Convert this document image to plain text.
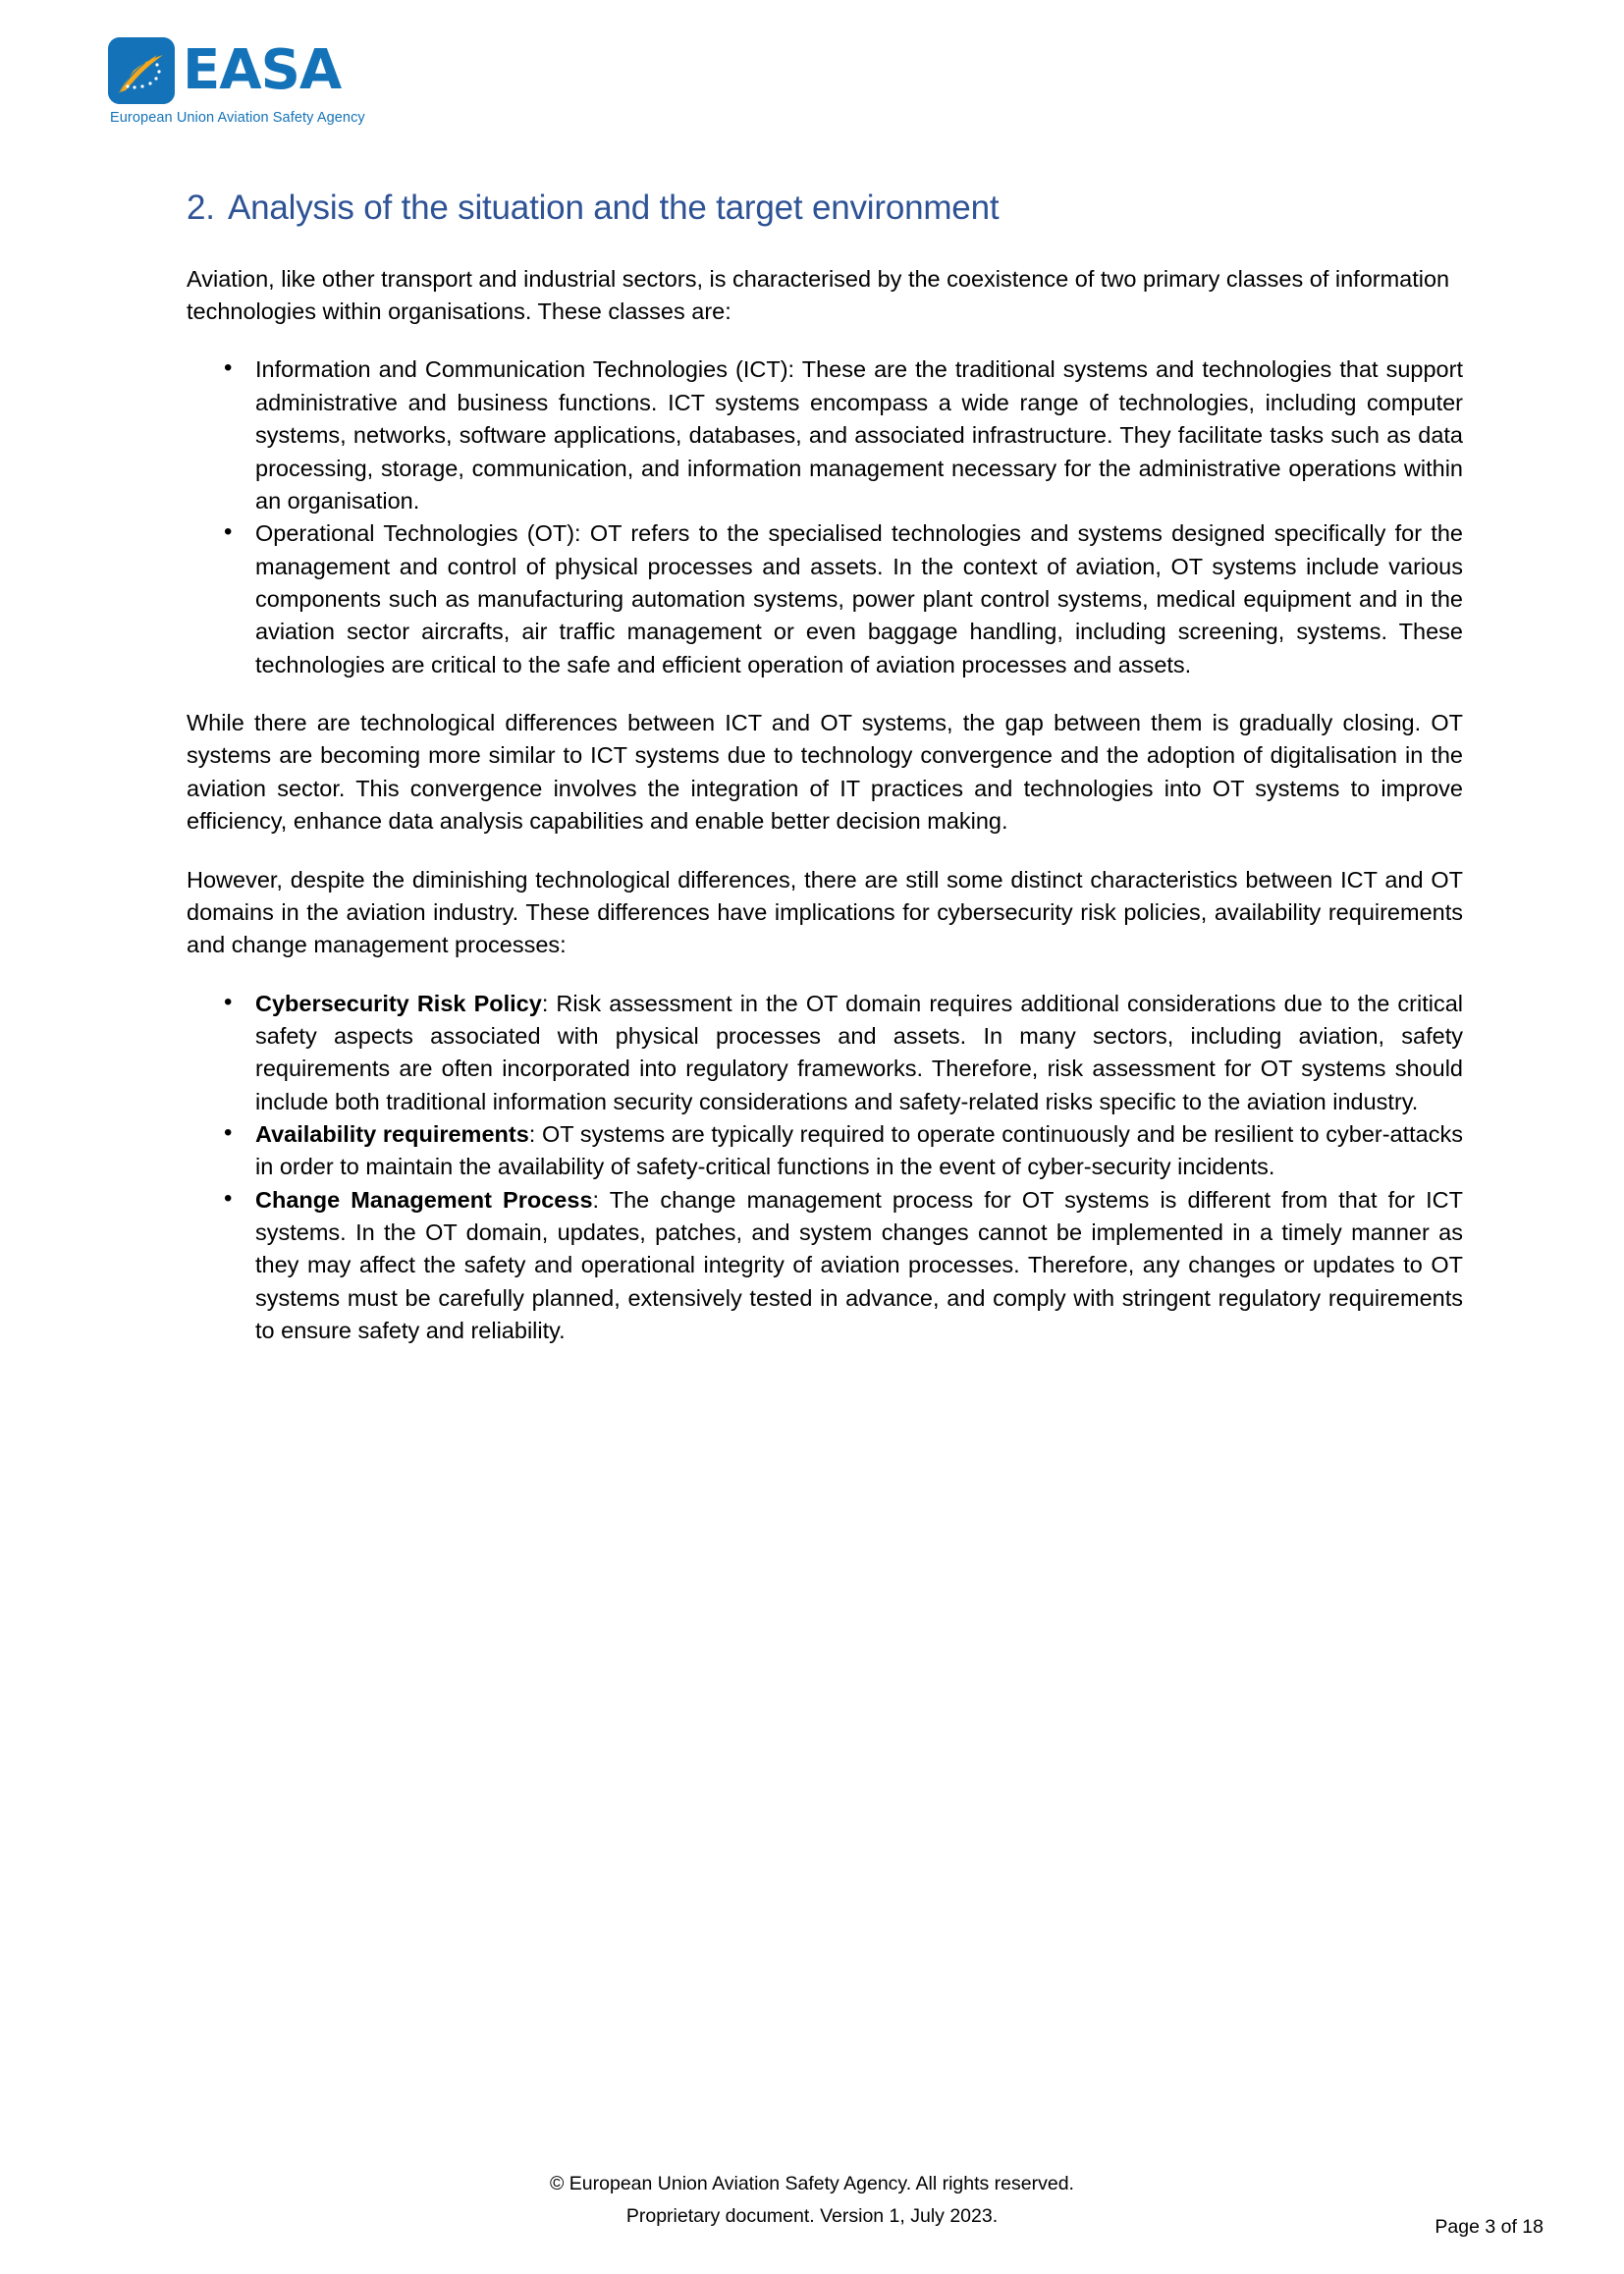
EASA
European Union Aviation Safety Agency
2. Analysis of the situation and the target environment

Aviation, like other transport and industrial sectors, is characterised by the coexistence of two primary classes of information technologies within organisations. These classes are:

• Information and Communication Technologies (ICT): These are the traditional systems and technologies that support administrative and business functions. ICT systems encompass a wide range of technologies, including computer systems, networks, software applications, databases, and associated infrastructure. They facilitate tasks such as data processing, storage, communication, and information management necessary for the administrative operations within an organisation.
• Operational Technologies (OT): OT refers to the specialised technologies and systems designed specifically for the management and control of physical processes and assets. In the context of aviation, OT systems include various components such as manufacturing automation systems, power plant control systems, medical equipment and in the aviation sector aircrafts, air traffic management or even baggage handling, including screening, systems. These technologies are critical to the safe and efficient operation of aviation processes and assets.

While there are technological differences between ICT and OT systems, the gap between them is gradually closing. OT systems are becoming more similar to ICT systems due to technology convergence and the adoption of digitalisation in the aviation sector. This convergence involves the integration of IT practices and technologies into OT systems to improve efficiency, enhance data analysis capabilities and enable better decision making.

However, despite the diminishing technological differences, there are still some distinct characteristics between ICT and OT domains in the aviation industry. These differences have implications for cybersecurity risk policies, availability requirements and change management processes:

• Cybersecurity Risk Policy: Risk assessment in the OT domain requires additional considerations due to the critical safety aspects associated with physical processes and assets. In many sectors, including aviation, safety requirements are often incorporated into regulatory frameworks. Therefore, risk assessment for OT systems should include both traditional information security considerations and safety-related risks specific to the aviation industry.
• Availability requirements: OT systems are typically required to operate continuously and be resilient to cyber-attacks in order to maintain the availability of safety-critical functions in the event of cyber-security incidents.
• Change Management Process: The change management process for OT systems is different from that for ICT systems. In the OT domain, updates, patches, and system changes cannot be implemented in a timely manner as they may affect the safety and operational integrity of aviation processes. Therefore, any changes or updates to OT systems must be carefully planned, extensively tested in advance, and comply with stringent regulatory requirements to ensure safety and reliability.
© European Union Aviation Safety Agency. All rights reserved.
Proprietary document. Version 1, July 2023.
Page 3 of 18
